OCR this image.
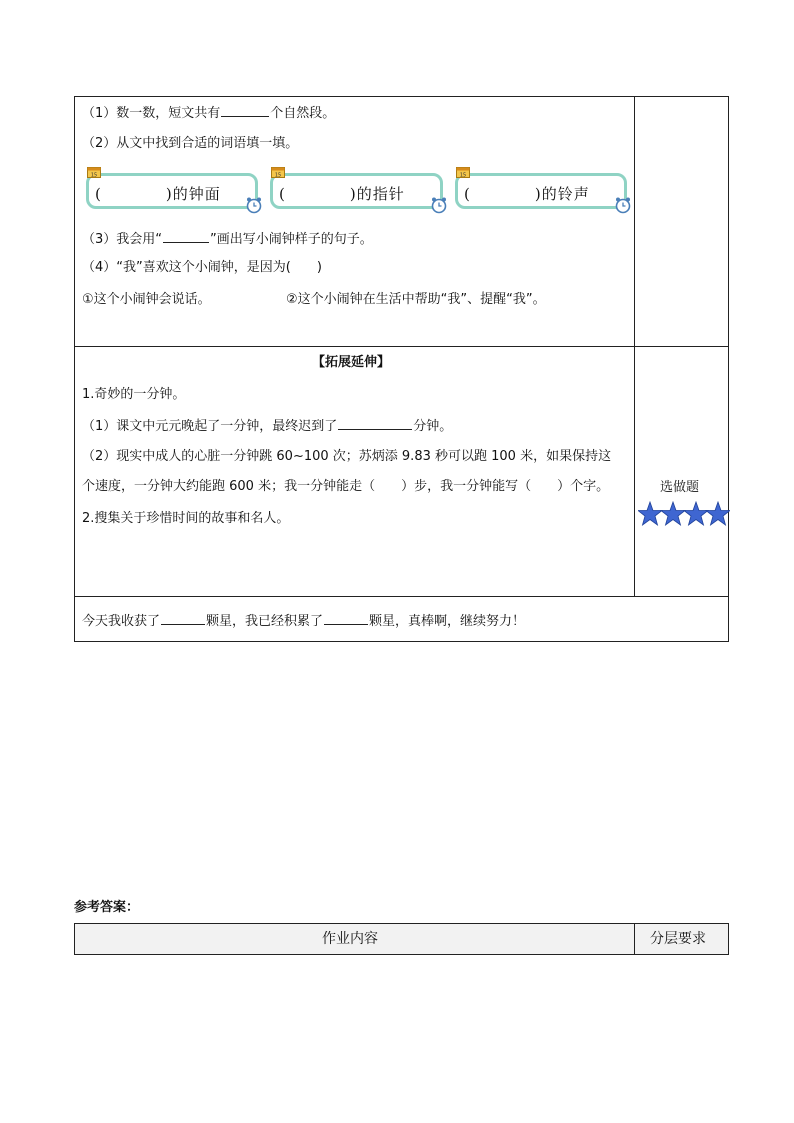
（1）数一数，短文共有	个自然段。
（2）从文中找到合适的词语填一填。
15
(	)的钟面
15
(	)的指针
15
(	)的铃声
（3）我会用“	”画出写小闹钟样子的句子。
（4）“我”喜欢这个小闹钟，是因为(　　)
①这个小闹钟会说话。	②这个小闹钟在生活中帮助“我”、提醒“我”。
【拓展延伸】
1.奇妙的一分钟。
（1）课文中元元晚起了一分钟，最终迟到了	分钟。
（2）现实中成人的心脏一分钟跳 60~100 次；苏炳添 9.83 秒可以跑 100 米，如果保持这
个速度，一分钟大约能跑 600 米；我一分钟能走（　　）步，我一分钟能写（　　）个字。
2.搜集关于珍惜时间的故事和名人。
选做题
今天我收获了	颗星，我已经积累了	颗星，真棒啊，继续努力！
参考答案：
作业内容	分层要求
